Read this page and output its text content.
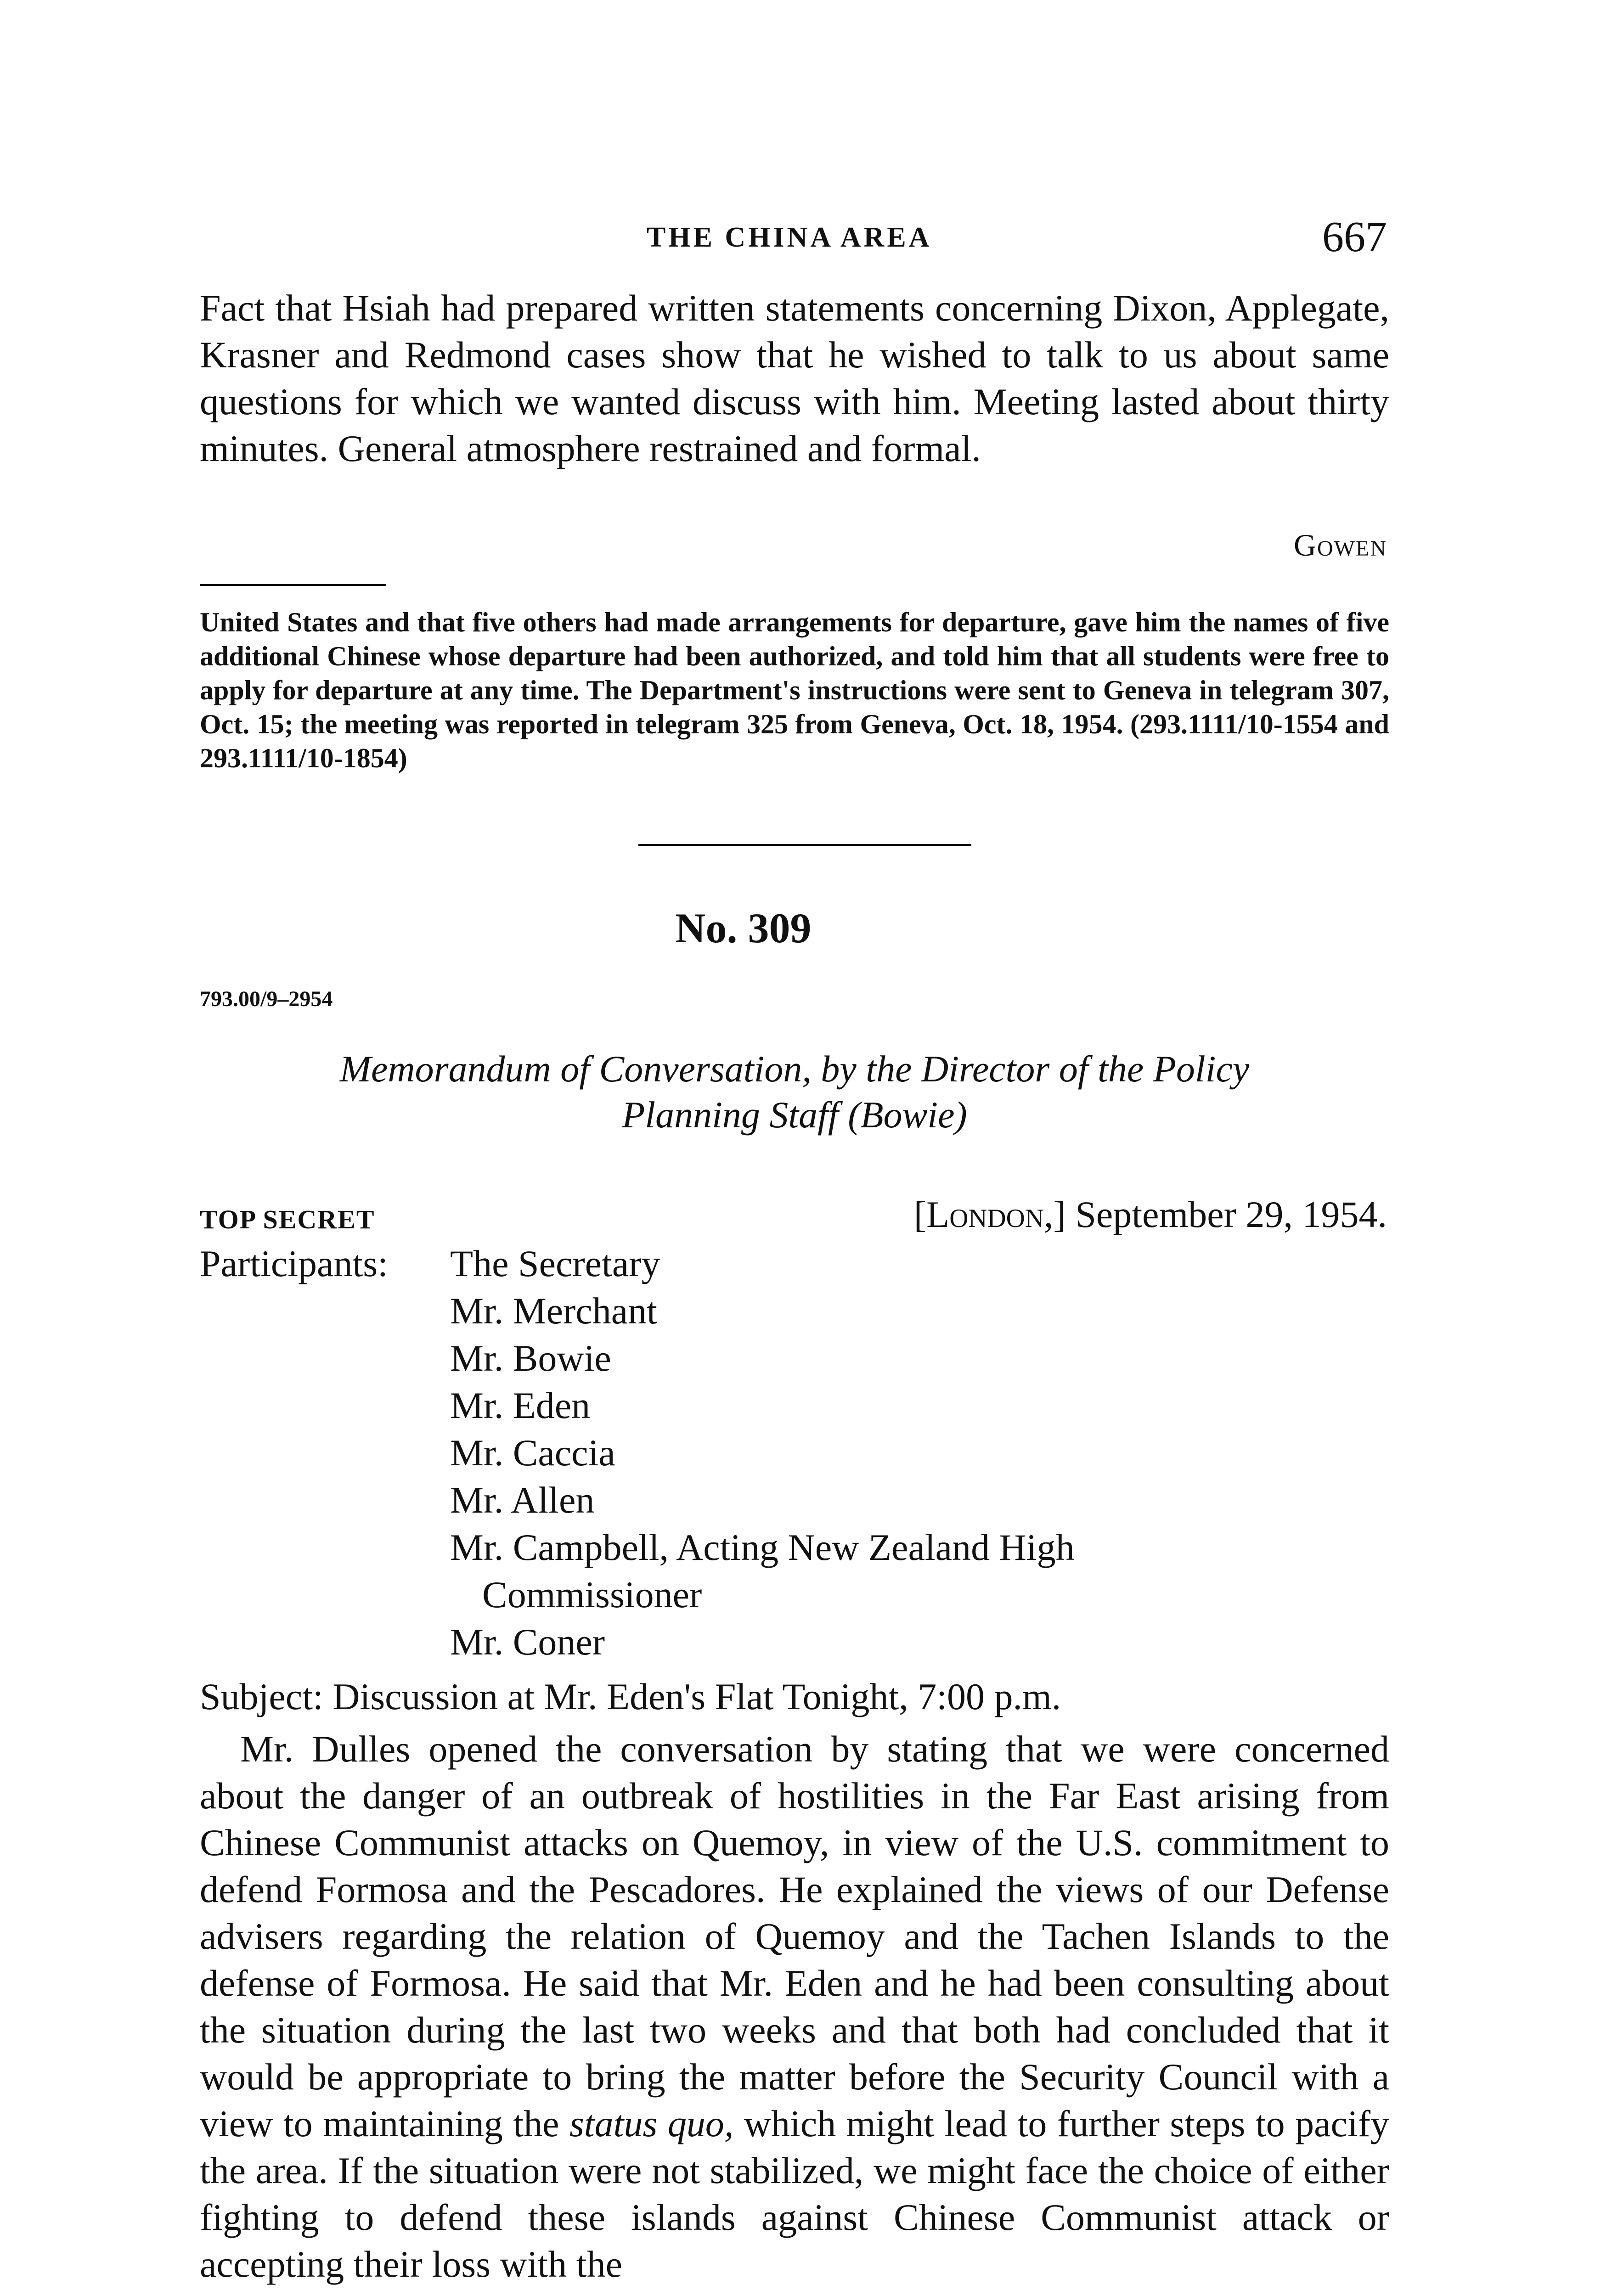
THE CHINA AREA	667

Fact that Hsiah had prepared written statements concerning Dixon, Applegate, Krasner and Redmond cases show that he wished to talk to us about same questions for which we wanted discuss with him. Meeting lasted about thirty minutes. General atmosphere restrained and formal.

Gowen
United States and that five others had made arrangements for departure, gave him the names of five additional Chinese whose departure had been authorized, and told him that all students were free to apply for departure at any time. The Department's instructions were sent to Geneva in telegram 307, Oct. 15; the meeting was reported in telegram 325 from Geneva, Oct. 18, 1954. (293.1111/10-1554 and 293.1111/10-1854)
No. 309
793.00/9–2954
Memorandum of Conversation, by the Director of the Policy
Planning Staff (Bowie)
TOP SECRET	[London,] September 29, 1954.
Participants: The Secretary
Mr. Merchant
Mr. Bowie
Mr. Eden
Mr. Caccia
Mr. Allen
Mr. Campbell, Acting New Zealand High
Commissioner
Mr. Coner
Subject: Discussion at Mr. Eden's Flat Tonight, 7:00 p.m.

Mr. Dulles opened the conversation by stating that we were concerned about the danger of an outbreak of hostilities in the Far East arising from Chinese Communist attacks on Quemoy, in view of the U.S. commitment to defend Formosa and the Pescadores. He explained the views of our Defense advisers regarding the relation of Quemoy and the Tachen Islands to the defense of Formosa. He said that Mr. Eden and he had been consulting about the situation during the last two weeks and that both had concluded that it would be appropriate to bring the matter before the Security Council with a view to maintaining the status quo, which might lead to further steps to pacify the area. If the situation were not stabilized, we might face the choice of either fighting to defend these islands against Chinese Communist attack or accepting their loss with the
